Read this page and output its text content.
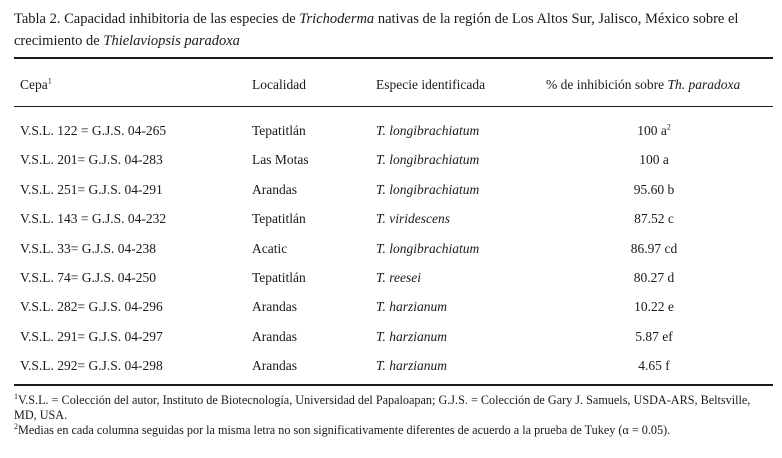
Tabla 2. Capacidad inhibitoria de las especies de Trichoderma nativas de la región de Los Altos Sur, Jalisco, México sobre el crecimiento de Thielaviopsis paradoxa
Cepa$^1$	Localidad	Especie identificada	% de inhibición sobre Th. paradoxa
V.S.L. 122 = G.J.S. 04-265	Tepatitlán	T. longibrachiatum	100 $a^2$
V.S.L. 201= G.J.S. 04-283	Las Motas	T. longibrachiatum	100 a
V.S.L. 251= G.J.S. 04-291	Arandas	T. longibrachiatum	95.60 b
V.S.L. 143 = G.J.S. 04-232	Tepatitlán	T. viridescens	87.52 c
V.S.L. 33= G.J.S. 04-238	Acatic	T. longibrachiatum	86.97 cd
V.S.L. 74= G.J.S. 04-250	Tepatitlán	T. reesei	80.27 d
V.S.L. 282= G.J.S. 04-296	Arandas	T. harzianum	10.22 e
V.S.L. 291= G.J.S. 04-297	Arandas	T. harzianum	5.87 ef
V.S.L. 292= G.J.S. 04-298	Arandas	T. harzianum	4.65 f
$^1$V.S.L. = Colección del autor, Instituto de Biotecnología, Universidad del Papaloapan; G.J.S. = Colección de Gary J. Samuels, USDA-ARS, Beltsville, MD, USA.
$^2$Medias en cada columna seguidas por la misma letra no son significativamente diferentes de acuerdo a la prueba de Tukey (α = 0.05).
